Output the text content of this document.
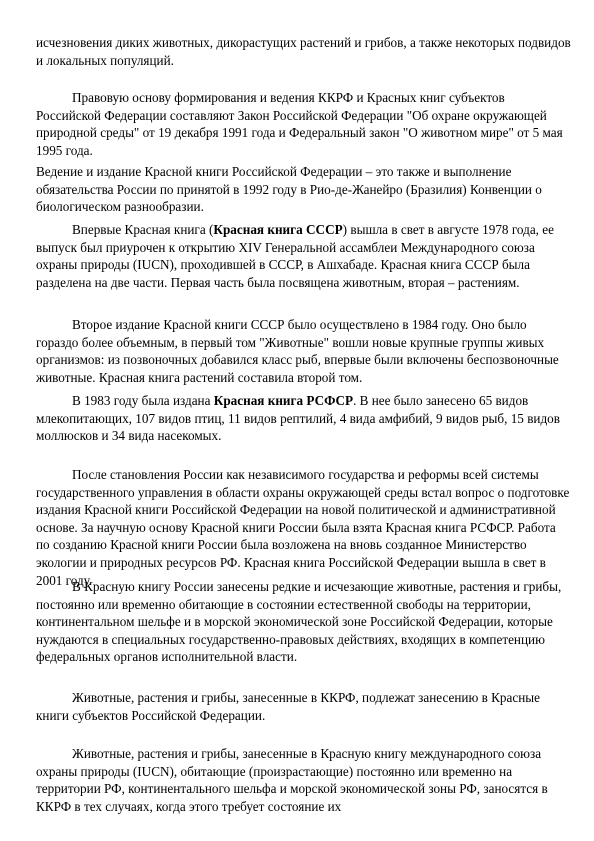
исчезновения диких животных, дикорастущих растений и грибов, а также некоторых подвидов и локальных популяций.

Правовую основу формирования и ведения ККРФ и Красных книг субъектов Российской Федерации составляют Закон Российской Федерации "Об охране окружающей природной среды" от 19 декабря 1991 года и Федеральный закон "О животном мире" от 5 мая 1995 года.

Ведение и издание Красной книги Российской Федерации – это также и выполнение обязательства России по принятой в 1992 году в Рио-де-Жанейро (Бразилия) Конвенции о биологическом разнообразии.

Впервые Красная книга (Красная книга СССР) вышла в свет в августе 1978 года, ее выпуск был приурочен к открытию XIV Генеральной ассамблеи Международного союза охраны природы (IUCN), проходившей в СССР, в Ашхабаде. Красная книга СССР была разделена на две части. Первая часть была посвящена животным, вторая – растениям.

Второе издание Красной книги СССР было осуществлено в 1984 году. Оно было гораздо более объемным, в первый том "Животные" вошли новые крупные группы живых организмов: из позвоночных добавился класс рыб, впервые были включены беспозвоночные животные. Красная книга растений составила второй том.

В 1983 году была издана Красная книга РСФСР. В нее было занесено 65 видов млекопитающих, 107 видов птиц, 11 видов рептилий, 4 вида амфибий, 9 видов рыб, 15 видов моллюсков и 34 вида насекомых.

После становления России как независимого государства и реформы всей системы государственного управления в области охраны окружающей среды встал вопрос о подготовке издания Красной книги Российской Федерации на новой политической и административной основе. За научную основу Красной книги России была взята Красная книга РСФСР. Работа по созданию Красной книги России была возложена на вновь созданное Министерство экологии и природных ресурсов РФ. Красная книга Российской Федерации вышла в свет в 2001 году.

В Красную книгу России занесены редкие и исчезающие животные, растения и грибы, постоянно или временно обитающие в состоянии естественной свободы на территории, континентальном шельфе и в морской экономической зоне Российской Федерации, которые нуждаются в специальных государственно-правовых действиях, входящих в компетенцию федеральных органов исполнительной власти.

Животные, растения и грибы, занесенные в ККРФ, подлежат занесению в Красные книги субъектов Российской Федерации.

Животные, растения и грибы, занесенные в Красную книгу международного союза охраны природы (IUCN), обитающие (произрастающие) постоянно или временно на территории РФ, континентального шельфа и морской экономической зоны РФ, заносятся в ККРФ в тех случаях, когда этого требует состояние их
